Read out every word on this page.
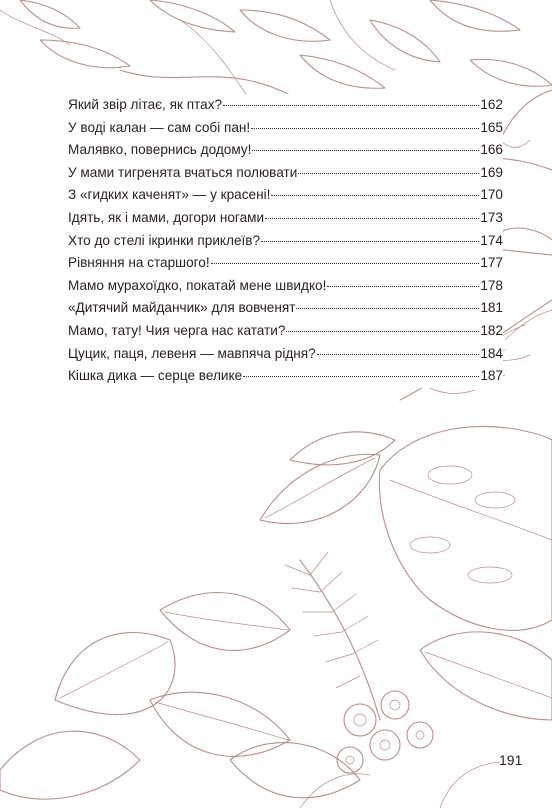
Який звір літає, як птах?	162
У воді калан — сам собі пан!	165
Малявко, повернись додому!	166
У мами тигренята вчаться полювати	169
З «гидких каченят» — у красені!	170
Ідять, як і мами, догори ногами	173
Хто до стелі ікринки приклеїв?	174
Рівняння на старшого!	177
Мамо мурахоїдко, покатай мене швидко!	178
«Дитячий майданчик» для вовченят	181
Мамо, тату! Чия черга нас катати?	182
Цуцик, паця, левеня — мавпяча рідня?	184
Кішка дика — серце велике	187
191
